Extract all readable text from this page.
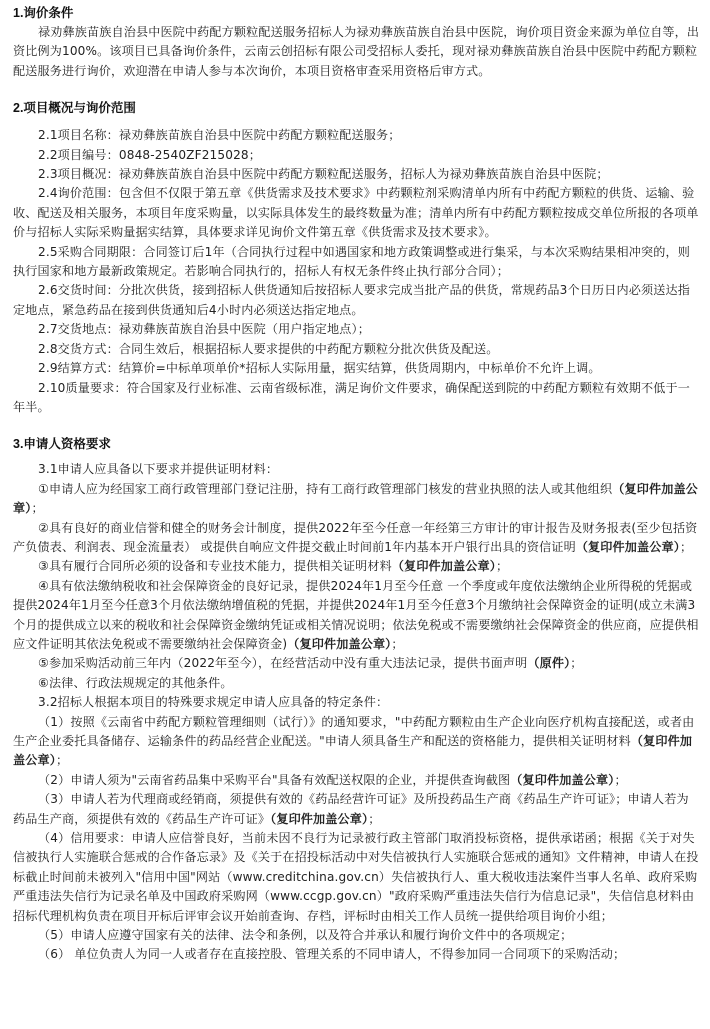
1.询价条件
禄劝彝族苗族自治县中医院中药配方颗粒配送服务招标人为禄劝彝族苗族自治县中医院，询价项目资金来源为单位自等，出资比例为100%。该项目已具备询价条件，云南云创招标有限公司受招标人委托，现对禄劝彝族苗族自治县中医院中药配方颗粒配送服务进行询价，欢迎潜在申请人参与本次询价，本项目资格审查采用资格后审方式。
2.项目概况与询价范围
2.1项目名称：禄劝彝族苗族自治县中医院中药配方颗粒配送服务；
2.2项目编号：0848-2540ZF215028；
2.3项目概况：禄劝彝族苗族自治县中医院中药配方颗粒配送服务，招标人为禄劝彝族苗族自治县中医院；
2.4询价范围：包含但不仅限于第五章《供货需求及技术要求》中药颗粒剂采购清单内所有中药配方颗粒的供货、运输、验收、配送及相关服务，本项目年度采购量，以实际具体发生的最终数量为准；清单内所有中药配方颗粒按成交单位所报的各项单价与招标人实际采购量据实结算，具体要求详见询价文件第五章《供货需求及技术要求》。
2.5采购合同期限：合同签订后1年（合同执行过程中如遇国家和地方政策调整或进行集采，与本次采购结果相冲突的，则执行国家和地方最新政策规定。若影响合同执行的，招标人有权无条件终止执行部分合同）；
2.6交货时间：分批次供货，接到招标人供货通知后按招标人要求完成当批产品的供货，常规药品3个日历日内必须送达指定地点，紧急药品在接到供货通知后4小时内必须送达指定地点。
2.7交货地点：禄劝彝族苗族自治县中医院（用户指定地点）；
2.8交货方式：合同生效后，根据招标人要求提供的中药配方颗粒分批次供货及配送。
2.9结算方式：结算价=中标单项单价*招标人实际用量，据实结算，供货周期内，中标单价不允许上调。
2.10质量要求：符合国家及行业标准、云南省级标准，满足询价文件要求，确保配送到院的中药配方颗粒有效期不低于一年半。
3.申请人资格要求
3.1申请人应具备以下要求并提供证明材料：
①申请人应为经国家工商行政管理部门登记注册，持有工商行政管理部门核发的营业执照的法人或其他组织（复印件加盖公章）；
②具有良好的商业信誉和健全的财务会计制度，提供2022年至今任意一年经第三方审计的审计报告及财务报表(至少包括资产负债表、利润表、现金流量表） 或提供自响应文件提交截止时间前1年内基本开户银行出具的资信证明（复印件加盖公章）；
③具有履行合同所必须的设备和专业技术能力，提供相关证明材料（复印件加盖公章）；
④具有依法缴纳税收和社会保障资金的良好记录，提供2024年1月至今任意 一个季度或年度依法缴纳企业所得税的凭据或提供2024年1月至今任意3个月依法缴纳增值税的凭据，并提供2024年1月至今任意3个月缴纳社会保障资金的证明(成立未满3个月的提供成立以来的税收和社会保障资金缴纳凭证或相关情况说明；依法免税或不需要缴纳社会保障资金的供应商，应提供相应文件证明其依法免税或不需要缴纳社会保障资金)（复印件加盖公章）；
⑤参加采购活动前三年内（2022年至今），在经营活动中没有重大违法记录，提供书面声明（原件）；
⑥法律、行政法规规定的其他条件。
3.2招标人根据本项目的特殊要求规定申请人应具备的特定条件：
（1）按照《云南省中药配方颗粒管理细则（试行）》的通知要求，"中药配方颗粒由生产企业向医疗机构直接配送，或者由生产企业委托具备储存、运输条件的药品经营企业配送。"申请人须具备生产和配送的资格能力，提供相关证明材料（复印件加盖公章）；
（2）申请人须为"云南省药品集中采购平台"具备有效配送权限的企业，并提供查询截图（复印件加盖公章）；
（3）申请人若为代理商或经销商，须提供有效的《药品经营许可证》及所投药品生产商《药品生产许可证》；申请人若为药品生产商，须提供有效的《药品生产许可证》（复印件加盖公章）；
（4）信用要求：申请人应信誉良好，当前未因不良行为记录被行政主管部门取消投标资格，提供承诺函；根据《关于对失信被执行人实施联合惩戒的合作备忘录》及《关于在招投标活动中对失信被执行人实施联合惩戒的通知》文件精神，申请人在投标截止时间前未被列入"信用中国"网站（www.creditchina.gov.cn）失信被执行人、重大税收违法案件当事人名单、政府采购严重违法失信行为记录名单及中国政府采购网（www.ccgp.gov.cn）"政府采购严重违法失信行为信息记录"，失信信息材料由招标代理机构负责在项目开标后评审会议开始前查询、存档，评标时由相关工作人员统一提供给项目询价小组；
（5）申请人应遵守国家有关的法律、法令和条例，以及符合并承认和履行询价文件中的各项规定；
（6） 单位负责人为同一人或者存在直接控股、管理关系的不同申请人，不得参加同一合同项下的采购活动；
